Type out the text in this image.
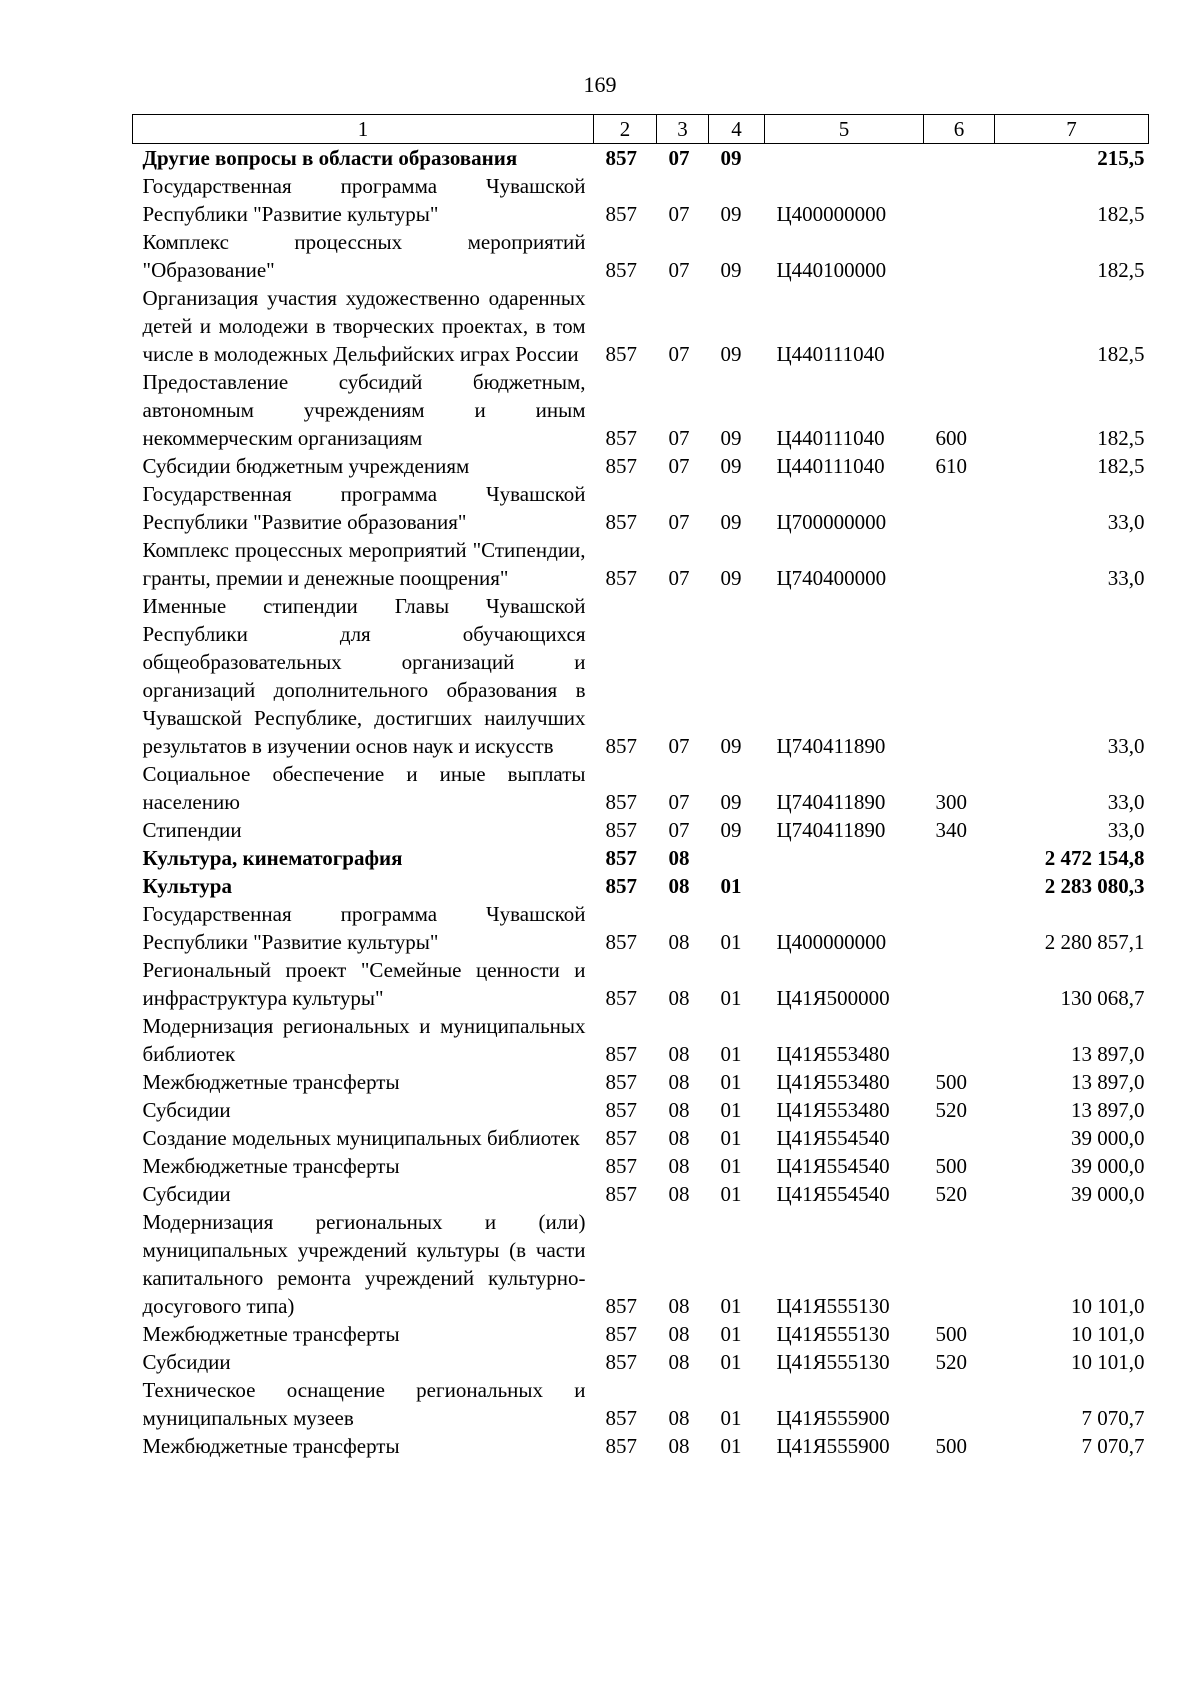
169
1	2	3	4	5	6	7
Другие вопросы в области образования	857	07	09			215,5
Государственная программа Чувашской Республики "Развитие культуры"	857	07	09	Ц400000000		182,5
Комплекс процессных мероприятий "Образование"	857	07	09	Ц440100000		182,5
Организация участия художественно одаренных детей и молодежи в творческих проектах, в том числе в молодежных Дельфийских играх России	857	07	09	Ц440111040		182,5
Предоставление субсидий бюджетным, автономным учреждениям и иным некоммерческим организациям	857	07	09	Ц440111040	600	182,5
Субсидии бюджетным учреждениям	857	07	09	Ц440111040	610	182,5
Государственная программа Чувашской Республики "Развитие образования"	857	07	09	Ц700000000		33,0
Комплекс процессных мероприятий "Стипендии, гранты, премии и денежные поощрения"	857	07	09	Ц740400000		33,0
Именные стипендии Главы Чувашской Республики для обучающихся общеобразовательных организаций и организаций дополнительного образования в Чувашской Республике, достигших наилучших результатов в изучении основ наук и искусств	857	07	09	Ц740411890		33,0
Социальное обеспечение и иные выплаты населению	857	07	09	Ц740411890	300	33,0
Стипендии	857	07	09	Ц740411890	340	33,0
Культура, кинематография	857	08				2 472 154,8
Культура	857	08	01			2 283 080,3
Государственная программа Чувашской Республики "Развитие культуры"	857	08	01	Ц400000000		2 280 857,1
Региональный проект "Семейные ценности и инфраструктура культуры"	857	08	01	Ц41Я500000		130 068,7
Модернизация региональных и муниципальных библиотек	857	08	01	Ц41Я553480		13 897,0
Межбюджетные трансферты	857	08	01	Ц41Я553480	500	13 897,0
Субсидии	857	08	01	Ц41Я553480	520	13 897,0
Создание модельных муниципальных библиотек	857	08	01	Ц41Я554540		39 000,0
Межбюджетные трансферты	857	08	01	Ц41Я554540	500	39 000,0
Субсидии	857	08	01	Ц41Я554540	520	39 000,0
Модернизация региональных и (или) муниципальных учреждений культуры (в части капитального ремонта учреждений культурно-досугового типа)	857	08	01	Ц41Я555130		10 101,0
Межбюджетные трансферты	857	08	01	Ц41Я555130	500	10 101,0
Субсидии	857	08	01	Ц41Я555130	520	10 101,0
Техническое оснащение региональных и муниципальных музеев	857	08	01	Ц41Я555900		7 070,7
Межбюджетные трансферты	857	08	01	Ц41Я555900	500	7 070,7
